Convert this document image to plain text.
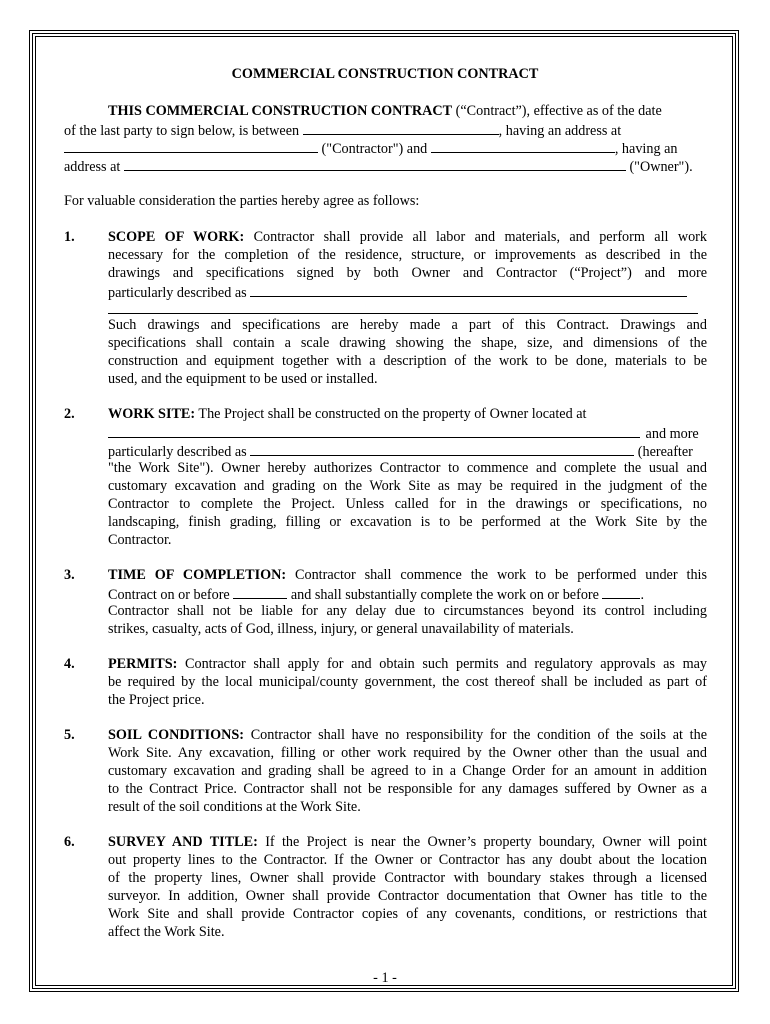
COMMERCIAL CONSTRUCTION CONTRACT
THIS COMMERCIAL CONSTRUCTION CONTRACT (“Contract”), effective as of the date
of the last party to sign below, is between	, having an address at
("Contractor") and	, having an
address at	("Owner").
For valuable consideration the parties hereby agree as follows:
1. SCOPE OF WORK: Contractor shall provide all labor and materials, and perform all work
necessary for the completion of the residence, structure, or improvements as described in the
drawings and specifications signed by both Owner and Contractor (“Project”) and more
particularly described as
Such drawings and specifications are hereby made a part of this Contract. Drawings and
specifications shall contain a scale drawing showing the shape, size, and dimensions of the
construction and equipment together with a description of the work to be done, materials to be
used, and the equipment to be used or installed.
2. WORK SITE: The Project shall be constructed on the property of Owner located at
and more
particularly described as	(hereafter
"the Work Site"). Owner hereby authorizes Contractor to commence and complete the usual and
customary excavation and grading on the Work Site as may be required in the judgment of the
Contractor to complete the Project. Unless called for in the drawings or specifications, no
landscaping, finish grading, filling or excavation is to be performed at the Work Site by the
Contractor.
3. TIME OF COMPLETION: Contractor shall commence the work to be performed under this
Contract on or before	and shall substantially complete the work on or before	.
Contractor shall not be liable for any delay due to circumstances beyond its control including
strikes, casualty, acts of God, illness, injury, or general unavailability of materials.
4. PERMITS: Contractor shall apply for and obtain such permits and regulatory approvals as may
be required by the local municipal/county government, the cost thereof shall be included as part of
the Project price.
5. SOIL CONDITIONS: Contractor shall have no responsibility for the condition of the soils at the
Work Site. Any excavation, filling or other work required by the Owner other than the usual and
customary excavation and grading shall be agreed to in a Change Order for an amount in addition
to the Contract Price. Contractor shall not be responsible for any damages suffered by Owner as a
result of the soil conditions at the Work Site.
6. SURVEY AND TITLE: If the Project is near the Owner’s property boundary, Owner will point
out property lines to the Contractor. If the Owner or Contractor has any doubt about the location
of the property lines, Owner shall provide Contractor with boundary stakes through a licensed
surveyor. In addition, Owner shall provide Contractor documentation that Owner has title to the
Work Site and shall provide Contractor copies of any covenants, conditions, or restrictions that
affect the Work Site.
- 1 -
